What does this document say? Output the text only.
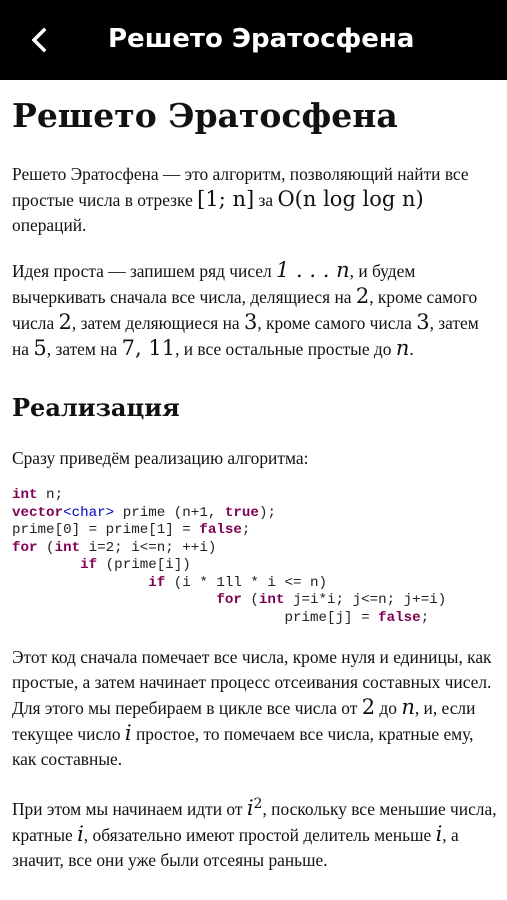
Решето Эратосфена
Решето Эратосфена

Решето Эратосфена — это алгоритм, позволяющий найти все простые числа в отрезке [1; n] за O(n log log n) операций.

Идея проста — запишем ряд чисел 1 . . . n, и будем вычеркивать сначала все числа, делящиеся на 2, кроме самого числа 2, затем деляющиеся на 3, кроме самого числа 3, затем на 5, затем на 7, 11, и все остальные простые до n.

Реализация

Сразу приведём реализацию алгоритма:

int n;
vector<char> prime (n+1, true);
prime[0] = prime[1] = false;
for (int i=2; i<=n; ++i)
if (prime[i])
if (i * 1ll * i <= n)
for (int j=i*i; j<=n; j+=i)
prime[j] = false;

Этот код сначала помечает все числа, кроме нуля и единицы, как простые, а затем начинает процесс отсеивания составных чисел. Для этого мы перебираем в цикле все числа от 2 до n, и, если текущее число i простое, то помечаем все числа, кратные ему, как составные.

При этом мы начинаем идти от $i^2$, поскольку все меньшие числа, кратные i, обязательно имеют простой делитель меньше i, а значит, все они уже были отсеяны раньше.
